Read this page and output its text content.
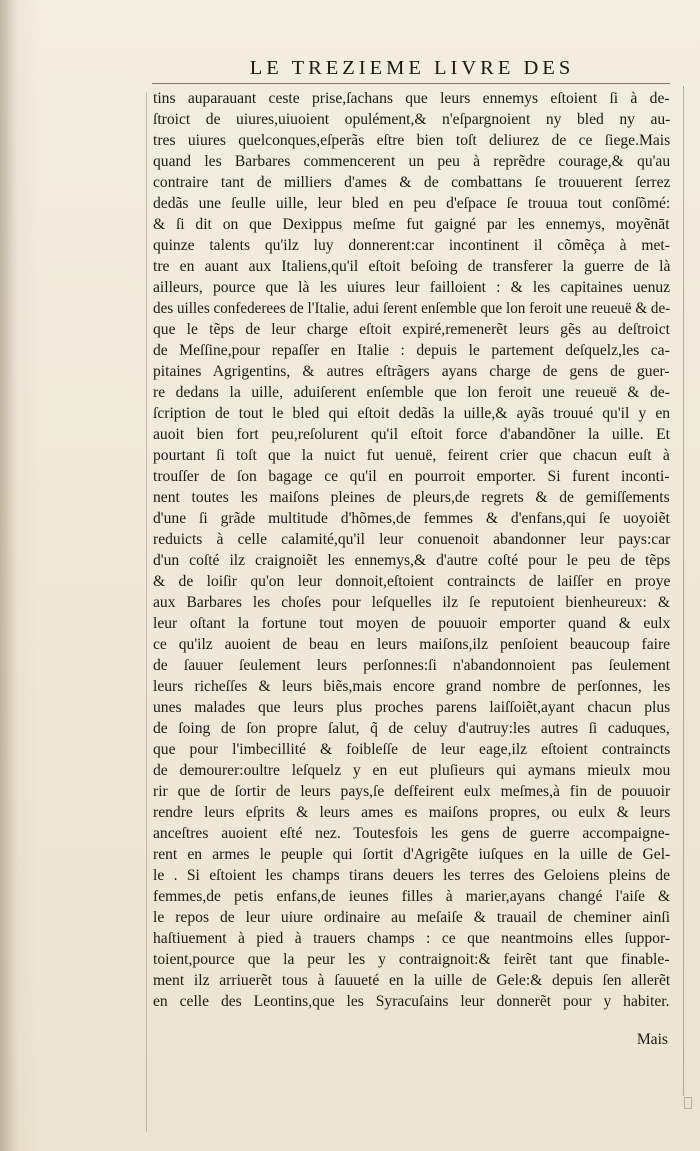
LE TREZIEME LIVRE DES
tins auparauant ceste prise,ſachans que leurs ennemys eſtoient ſi à de-
ſtroict de uiures,uiuoient opulément,& n'eſpargnoient ny bled ny au-
tres uiures quelconques,eſperãs eſtre bien toſt deliurez de ce ſiege.Mais
quand les Barbares commencerent un peu à reprẽdre courage,& qu'au
contraire tant de milliers d'ames & de combattans ſe trouuerent ſerrez
dedãs une ſeulle uille, leur bled en peu d'eſpace ſe trouua tout conſõmé:
& ſi dit on que Dexippus meſme fut gaigné par les ennemys, moyẽnāt
quinze talents qu'ilz luy donnerent:car incontinent il cõmẽça à met-
tre en auant aux Italiens,qu'il eſtoit beſoing de transferer la guerre de là
ailleurs, pource que là les uiures leur failloient : & les capitaines uenuz
des uilles confederees de l'Italie, adui ſerent enſemble que lon feroit une reueuë & de-
que le tẽps de leur charge eſtoit expiré,remenerẽt leurs gẽs au deſtroict
de Meſſine,pour repaſſer en Italie : depuis le partement deſquelz,les ca-
pitaines Agrigentins, & autres eſtrãgers ayans charge de gens de guer-
re dedans la uille, aduiſerent enſemble que lon feroit une reueuë & de-
ſcription de tout le bled qui eſtoit dedãs la uille,& ayãs trouué qu'il y en
auoit bien fort peu,reſolurent qu'il eſtoit force d'abandõner la uille. Et
pourtant ſi toſt que la nuict fut uenuë, feirent crier que chacun euſt à
trouſſer de ſon bagage ce qu'il en pourroit emporter. Si furent inconti-
nent toutes les maiſons pleines de pleurs,de regrets & de gemiſſements
d'une ſi grãde multitude d'hõmes,de femmes & d'enfans,qui ſe uoyoiẽt
reduicts à celle calamité,qu'il leur conuenoit abandonner leur pays:car
d'un coſté ilz craignoiẽt les ennemys,& d'autre coſté pour le peu de tẽps
& de loiſir qu'on leur donnoit,eſtoient contraincts de laiſſer en proye
aux Barbares les choſes pour leſquelles ilz ſe reputoient bienheureux: &
leur oſtant la fortune tout moyen de pouuoir emporter quand & eulx
ce qu'ilz auoient de beau en leurs maiſons,ilz penſoient beaucoup faire
de ſauuer ſeulement leurs perſonnes:ſi n'abandonnoient pas ſeulement
leurs richeſſes & leurs biẽs,mais encore grand nombre de perſonnes, les
unes malades que leurs plus proches parens laiſſoiẽt,ayant chacun plus
de ſoing de ſon propre ſalut, q̃ de celuy d'autruy:les autres ſi caduques,
que pour l'imbecillité & foibleſſe de leur eage,ilz eſtoient contraincts
de demourer:oultre leſquelz y en eut pluſieurs qui aymans mieulx mou
rir que de ſortir de leurs pays,ſe deſfeirent eulx meſmes,à fin de pouuoir
rendre leurs eſprits & leurs ames es maiſons propres, ou eulx & leurs
anceſtres auoient eſté nez. Toutesfois les gens de guerre accompaigne-
rent en armes le peuple qui ſortit d'Agrigẽte iuſques en la uille de Gel-
le . Si eſtoient les champs tirans deuers les terres des Geloiens pleins de
femmes,de petis enfans,de ieunes filles à marier,ayans changé l'aiſe &
le repos de leur uiure ordinaire au meſaiſe & trauail de cheminer ainſi
haſtiuement à pied à trauers champs : ce que neantmoins elles ſuppor-
toient,pource que la peur les y contraignoit:& feirẽt tant que finable-
ment ilz arriuerẽt tous à ſauueté en la uille de Gele:& depuis ſen allerẽt
en celle des Leontins,que les Syracuſains leur donnerẽt pour y habiter.
Mais
